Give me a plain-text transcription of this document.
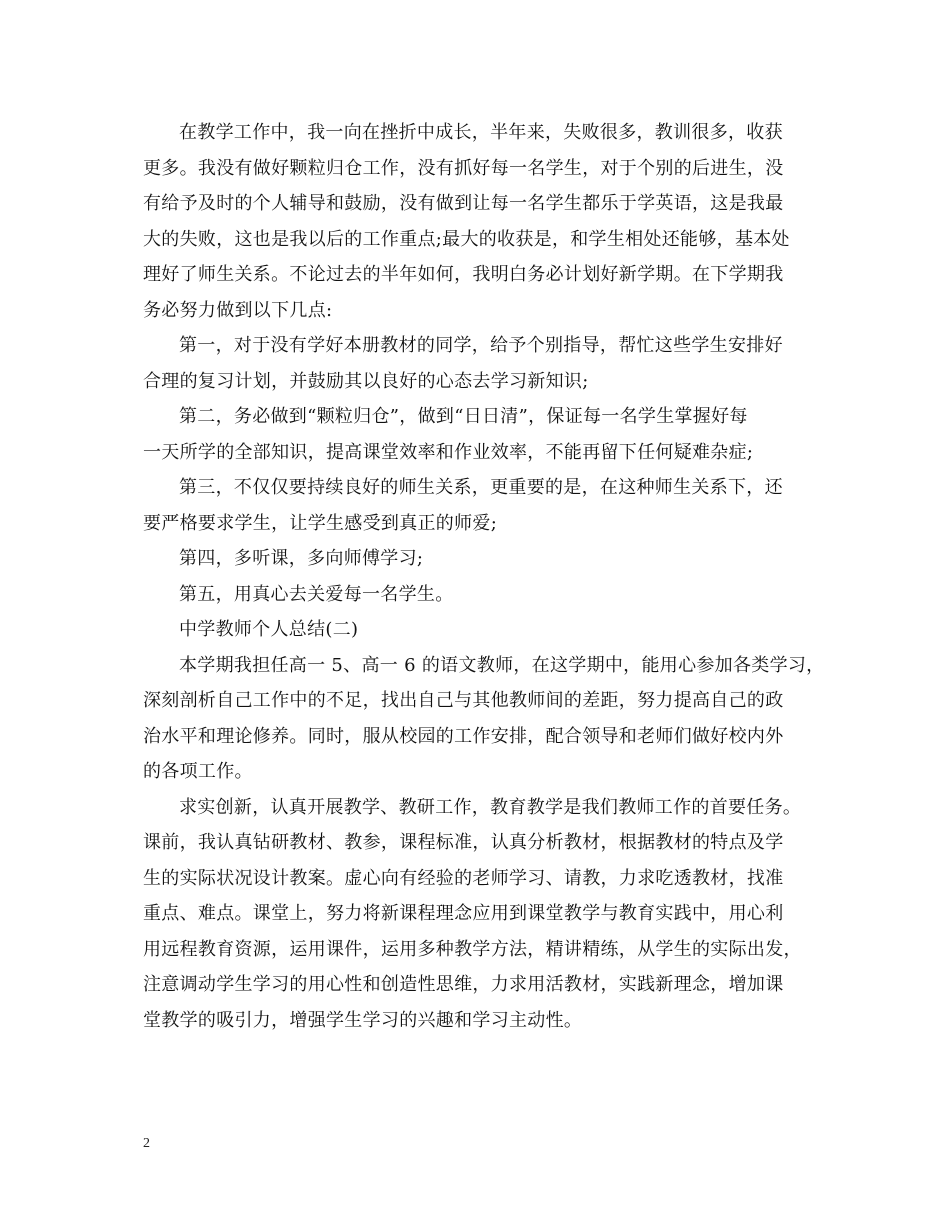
在教学工作中，我一向在挫折中成长，半年来，失败很多，教训很多，收获
更多。我没有做好颗粒归仓工作，没有抓好每一名学生，对于个别的后进生，没
有给予及时的个人辅导和鼓励，没有做到让每一名学生都乐于学英语，这是我最
大的失败，这也是我以后的工作重点;最大的收获是，和学生相处还能够，基本处
理好了师生关系。不论过去的半年如何，我明白务必计划好新学期。在下学期我
务必努力做到以下几点:
第一，对于没有学好本册教材的同学，给予个别指导，帮忙这些学生安排好
合理的复习计划，并鼓励其以良好的心态去学习新知识;
第二，务必做到“颗粒归仓”，做到“日日清”，保证每一名学生掌握好每
一天所学的全部知识，提高课堂效率和作业效率，不能再留下任何疑难杂症;
第三，不仅仅要持续良好的师生关系，更重要的是，在这种师生关系下，还
要严格要求学生，让学生感受到真正的师爱;
第四，多听课，多向师傅学习;
第五，用真心去关爱每一名学生。
中学教师个人总结(二)
本学期我担任高一 5、高一 6 的语文教师，在这学期中，能用心参加各类学习，
深刻剖析自己工作中的不足，找出自己与其他教师间的差距，努力提高自己的政
治水平和理论修养。同时，服从校园的工作安排，配合领导和老师们做好校内外
的各项工作。
求实创新，认真开展教学、教研工作，教育教学是我们教师工作的首要任务。
课前，我认真钻研教材、教参，课程标准，认真分析教材，根据教材的特点及学
生的实际状况设计教案。虚心向有经验的老师学习、请教，力求吃透教材，找准
重点、难点。课堂上，努力将新课程理念应用到课堂教学与教育实践中，用心利
用远程教育资源，运用课件，运用多种教学方法，精讲精练，从学生的实际出发，
注意调动学生学习的用心性和创造性思维，力求用活教材，实践新理念，增加课
堂教学的吸引力，增强学生学习的兴趣和学习主动性。
2
